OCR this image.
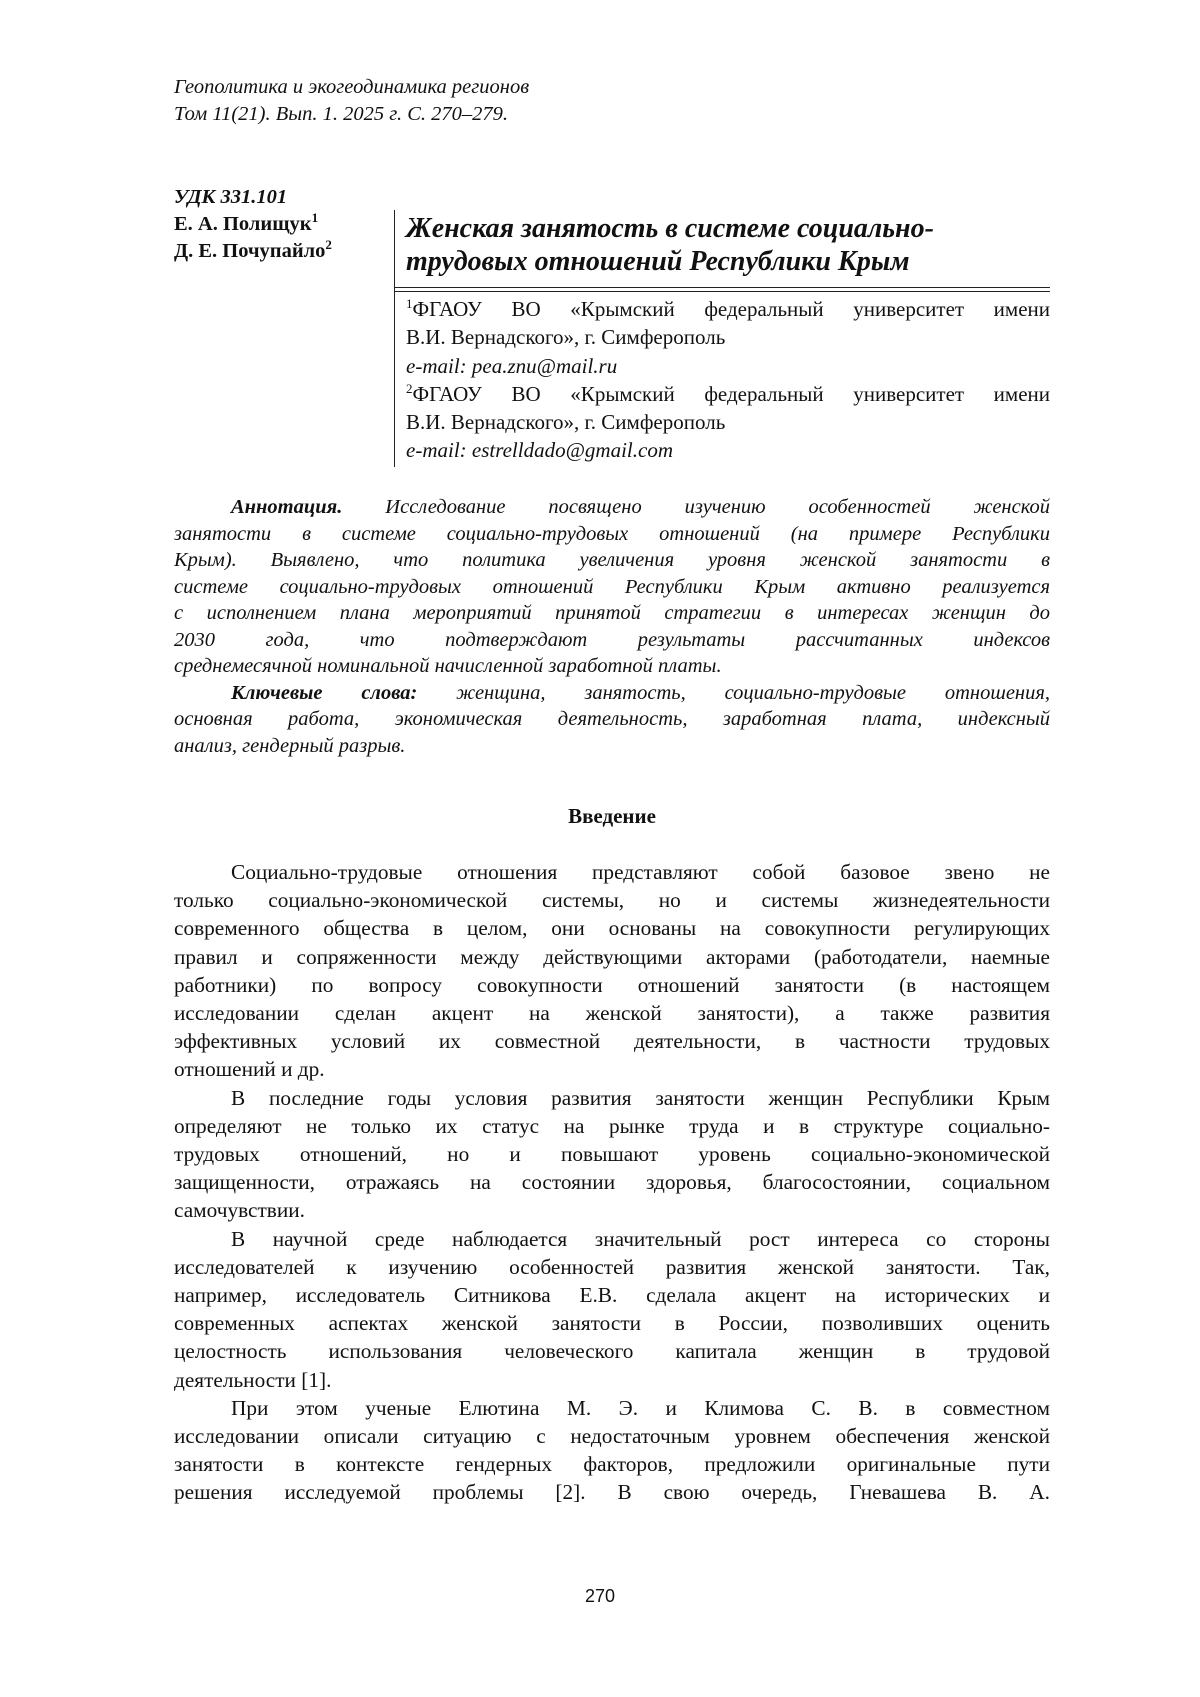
Геополитика и экогеодинамика регионов
Том 11(21). Вып. 1. 2025 г. С. 270–279.
УДК 331.101
Е. А. Полищук$^1$
Д. Е. Почупайло$^2$
Женская занятость в системе социально-
трудовых отношений Республики Крым
$^1$ФГАОУ ВО «Крымский федеральный университет имени
В.И. Вернадского», г. Симферополь
e-mail: pea.znu@mail.ru
$^2$ФГАОУ ВО «Крымский федеральный университет имени
В.И. Вернадского», г. Симферополь
e-mail: estrelldado@gmail.com
Аннотация. Исследование посвящено изучению особенностей женской
занятости в системе социально-трудовых отношений (на примере Республики
Крым). Выявлено, что политика увеличения уровня женской занятости в
системе социально-трудовых отношений Республики Крым активно реализуется
с исполнением плана мероприятий принятой стратегии в интересах женщин до
2030 года, что подтверждают результаты рассчитанных индексов
среднемесячной номинальной начисленной заработной платы.
Ключевые слова: женщина, занятость, социально-трудовые отношения,
основная работа, экономическая деятельность, заработная плата, индексный
анализ, гендерный разрыв.
Введение
Социально-трудовые отношения представляют собой базовое звено не
только социально-экономической системы, но и системы жизнедеятельности
современного общества в целом, они основаны на совокупности регулирующих
правил и сопряженности между действующими акторами (работодатели, наемные
работники) по вопросу совокупности отношений занятости (в настоящем
исследовании сделан акцент на женской занятости), а также развития
эффективных условий их совместной деятельности, в частности трудовых
отношений и др.
В последние годы условия развития занятости женщин Республики Крым
определяют не только их статус на рынке труда и в структуре социально-
трудовых отношений, но и повышают уровень социально-экономической
защищенности, отражаясь на состоянии здоровья, благосостоянии, социальном
самочувствии.
В научной среде наблюдается значительный рост интереса со стороны
исследователей к изучению особенностей развития женской занятости. Так,
например, исследователь Ситникова Е.В. сделала акцент на исторических и
современных аспектах женской занятости в России, позволивших оценить
целостность использования человеческого капитала женщин в трудовой
деятельности [1].
При этом ученые Елютина М. Э. и Климова С. В. в совместном
исследовании описали ситуацию с недостаточным уровнем обеспечения женской
занятости в контексте гендерных факторов, предложили оригинальные пути
решения исследуемой проблемы [2]. В свою очередь, Гневашева В. А.
270
